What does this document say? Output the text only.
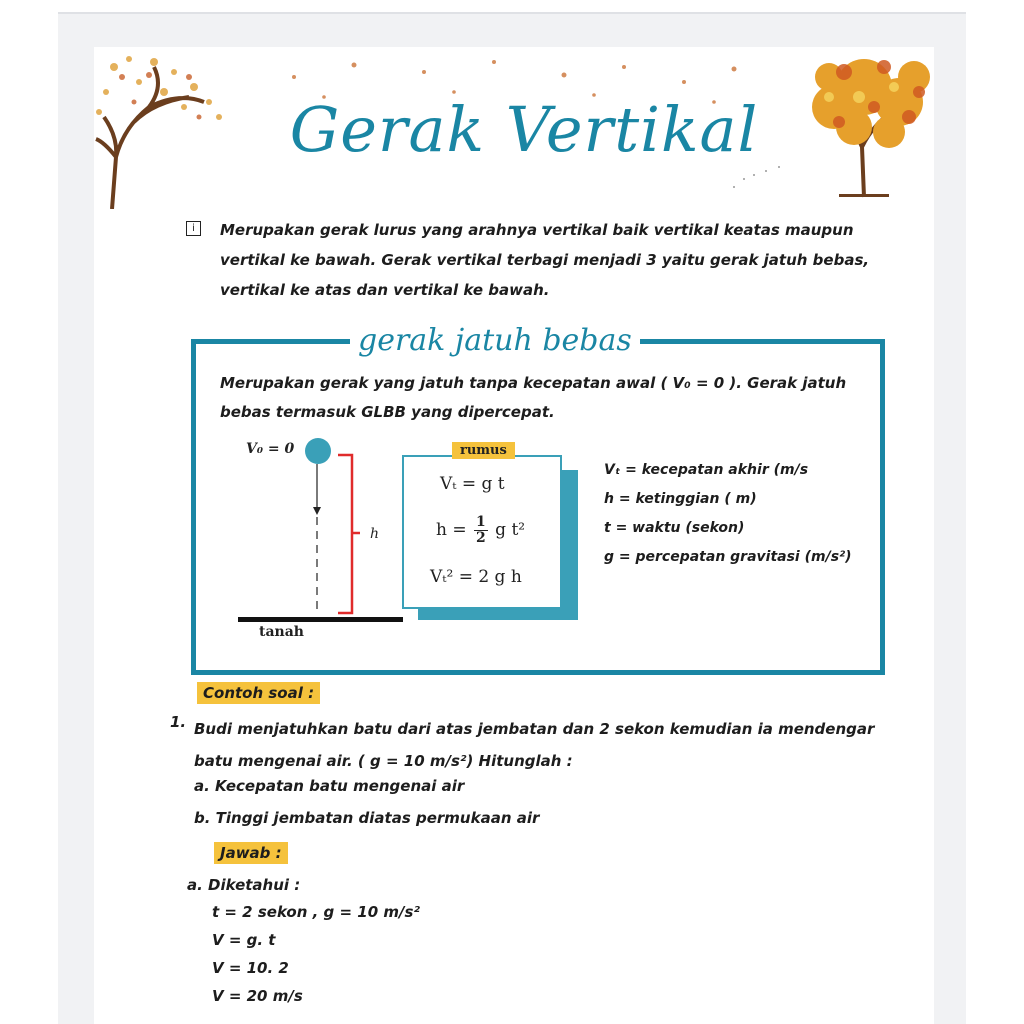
Gerak Vertikal
i	Merupakan gerak lurus yang arahnya vertikal baik vertikal keatas maupun vertikal ke bawah. Gerak vertikal terbagi menjadi 3 yaitu gerak jatuh bebas, vertikal ke atas dan vertikal ke bawah.
gerak jatuh bebas
Merupakan gerak yang jatuh tanpa kecepatan awal ( V₀ = 0 ). Gerak jatuh bebas termasuk GLBB yang dipercepat.
V₀ = 0
h
tanah
rumus
Vₜ = g t
$h = \frac{1}{2}$ g t²
Vₜ² = 2 g h
Vₜ = kecepatan akhir (m/s
h = ketinggian ( m)
t = waktu (sekon)
g = percepatan gravitasi (m/s²)
Contoh soal :
1. Budi menjatuhkan batu dari atas jembatan dan 2 sekon kemudian ia mendengar batu mengenai air. ( g = 10 m/s²) Hitunglah :
a. Kecepatan batu mengenai air
b. Tinggi jembatan diatas permukaan air
Jawab :
a. Diketahui :
t = 2 sekon , g = 10 m/s²
V = g. t
V = 10. 2
V = 20 m/s
